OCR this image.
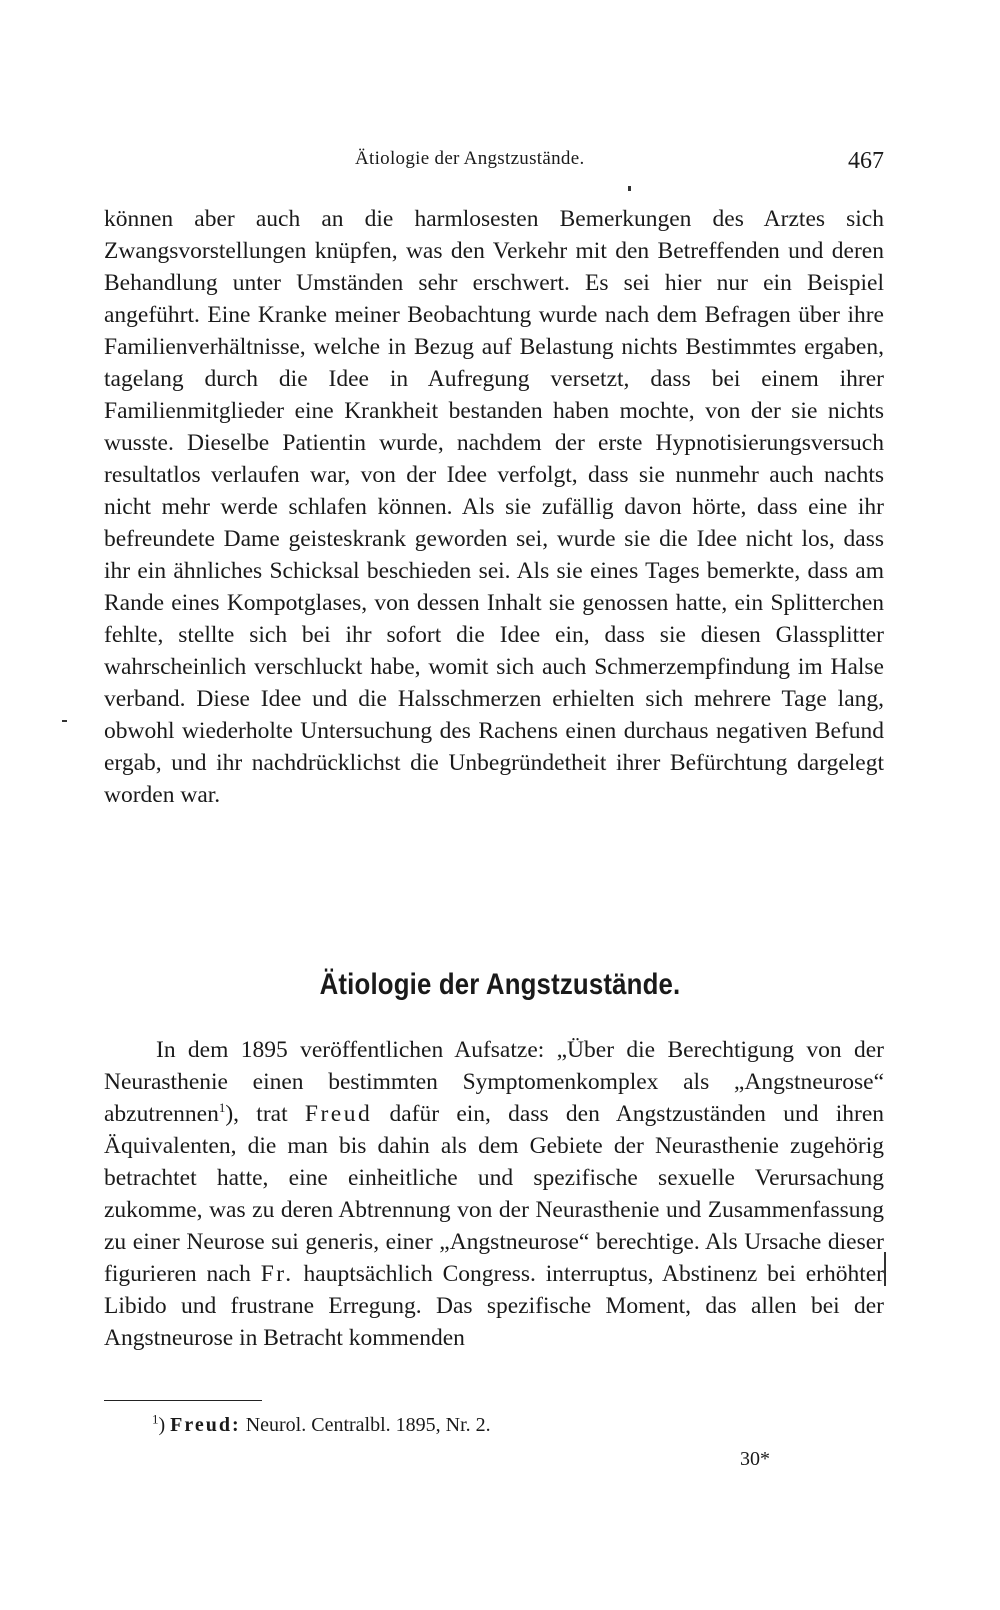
Ätiologie der Angstzustände.	467

können aber auch an die harmlosesten Bemerkungen des Arztes sich Zwangsvorstellungen knüpfen, was den Verkehr mit den Betreffenden und deren Behandlung unter Umständen sehr erschwert. Es sei hier nur ein Beispiel angeführt. Eine Kranke meiner Beobachtung wurde nach dem Befragen über ihre Familienverhältnisse, welche in Bezug auf Belastung nichts Bestimmtes ergaben, tagelang durch die Idee in Aufregung versetzt, dass bei einem ihrer Familienmitglieder eine Krankheit bestanden haben mochte, von der sie nichts wusste. Dieselbe Patientin wurde, nachdem der erste Hypnotisierungsversuch resultatlos verlaufen war, von der Idee verfolgt, dass sie nunmehr auch nachts nicht mehr werde schlafen können. Als sie zufällig davon hörte, dass eine ihr befreundete Dame geisteskrank geworden sei, wurde sie die Idee nicht los, dass ihr ein ähnliches Schicksal beschieden sei. Als sie eines Tages bemerkte, dass am Rande eines Kompotglases, von dessen Inhalt sie genossen hatte, ein Splitterchen fehlte, stellte sich bei ihr sofort die Idee ein, dass sie diesen Glassplitter wahrscheinlich verschluckt habe, womit sich auch Schmerzempfindung im Halse verband. Diese Idee und die Halsschmerzen erhielten sich mehrere Tage lang, obwohl wiederholte Untersuchung des Rachens einen durchaus negativen Befund ergab, und ihr nachdrücklichst die Unbegründetheit ihrer Befürchtung dargelegt worden war.

Ätiologie der Angstzustände.

In dem 1895 veröffentlichen Aufsatze: „Über die Berechtigung von der Neurasthenie einen bestimmten Symptomenkomplex als „Angstneurose“ abzutrennen$^1$), trat Freud dafür ein, dass den Angstzuständen und ihren Äquivalenten, die man bis dahin als dem Gebiete der Neurasthenie zugehörig betrachtet hatte, eine einheitliche und spezifische sexuelle Verursachung zukomme, was zu deren Abtrennung von der Neurasthenie und Zusammenfassung zu einer Neurose sui generis, einer „Angstneurose“ berechtige. Als Ursache dieser figurieren nach Fr. hauptsächlich Congress. interruptus, Abstinenz bei erhöhter Libido und frustrane Erregung. Das spezifische Moment, das allen bei der Angstneurose in Betracht kommenden

$^1$) Freud: Neurol. Centralbl. 1895, Nr. 2.
30*
